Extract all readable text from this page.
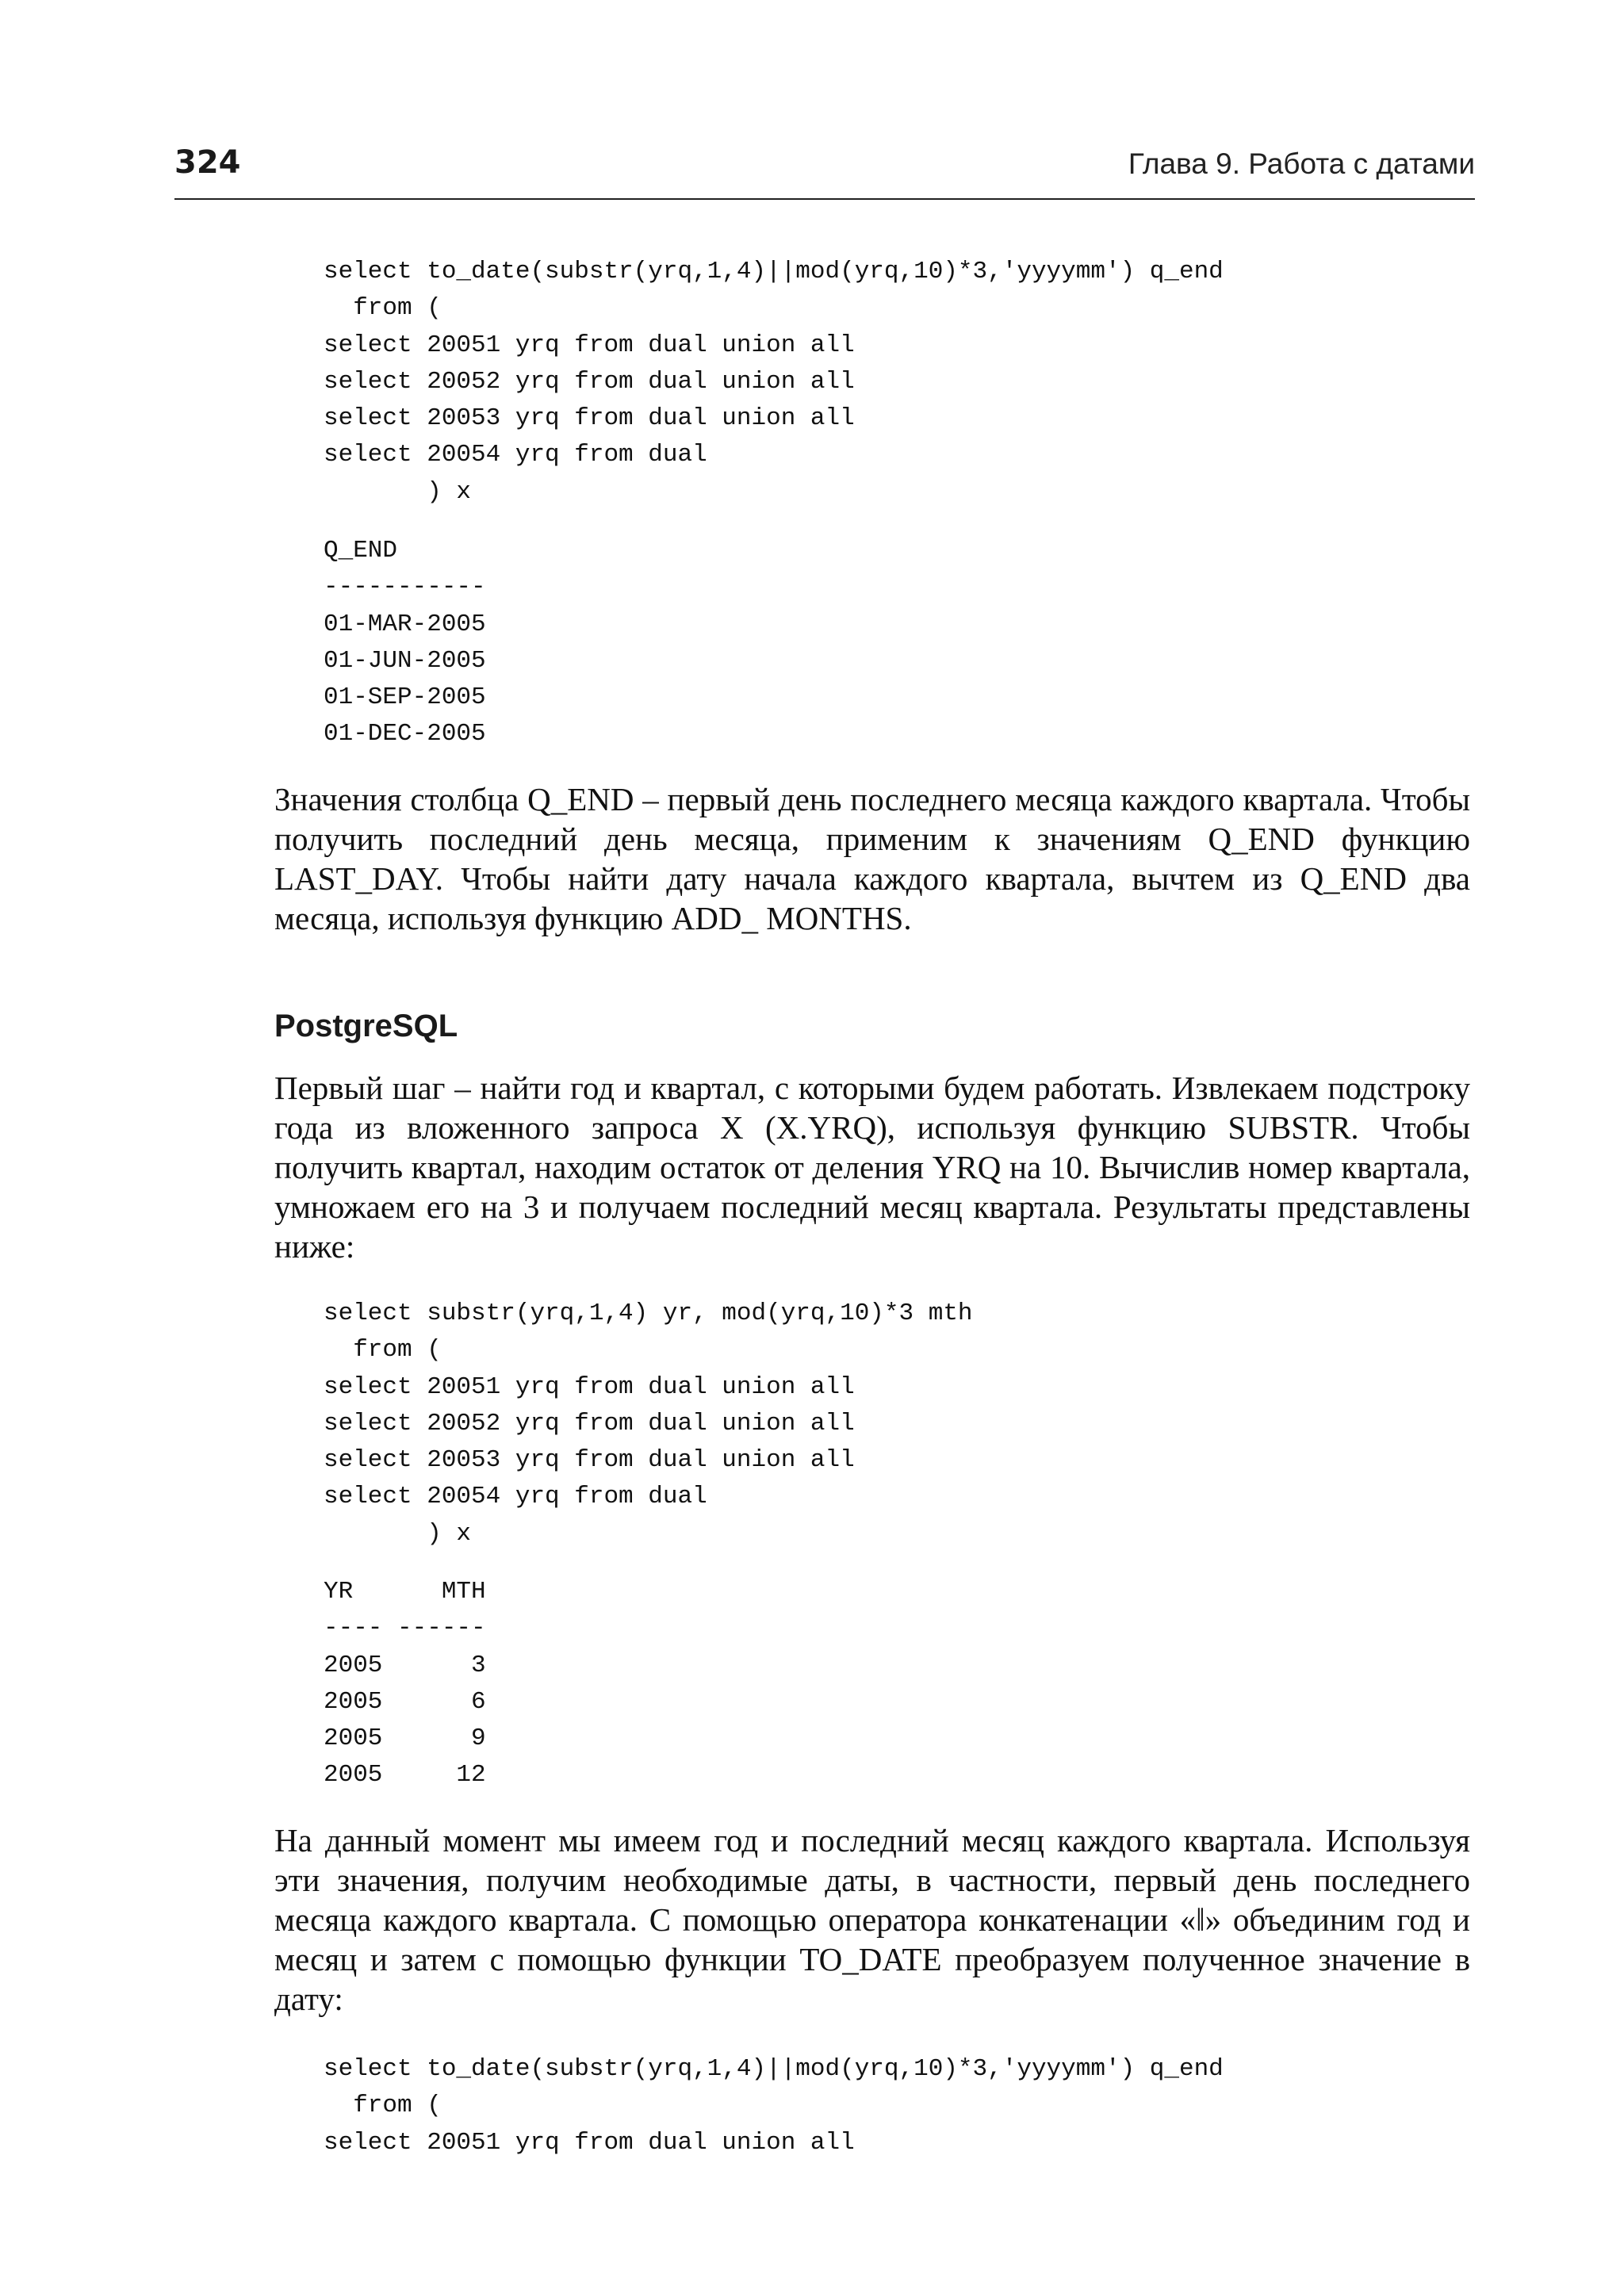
324	Глава 9. Работа с датами
select to_date(substr(yrq,1,4)||mod(yrq,10)*3,'yyyymm') q_end
from (
select 20051 yrq from dual union all
select 20052 yrq from dual union all
select 20053 yrq from dual union all
select 20054 yrq from dual
) x
Q_END
-----------
01-MAR-2005
01-JUN-2005
01-SEP-2005
01-DEC-2005

Значения столбца Q_END – первый день последнего месяца каждого квартала. Чтобы получить последний день месяца, применим к значениям Q_END функцию LAST_DAY. Чтобы найти дату начала каждого квартала, вычтем из Q_END два месяца, используя функцию ADD_ MONTHS.

PostgreSQL

Первый шаг – найти год и квартал, с которыми будем работать. Извлекаем подстроку года из вложенного запроса X (X.YRQ), используя функцию SUBSTR. Чтобы получить квартал, находим остаток от деления YRQ на 10. Вычислив номер квартала, умножаем его на 3 и получаем последний месяц квартала. Результаты представлены ниже:

select substr(yrq,1,4) yr, mod(yrq,10)*3 mth
from (
select 20051 yrq from dual union all
select 20052 yrq from dual union all
select 20053 yrq from dual union all
select 20054 yrq from dual
) x
YR      MTH
---- ------
2005      3
2005      6
2005      9
2005     12

На данный момент мы имеем год и последний месяц каждого квартала. Используя эти значения, получим необходимые даты, в частности, первый день последнего месяца каждого квартала. С помощью оператора конкатенации «‖» объединим год и месяц и затем с помощью функции TO_DATE преобразуем полученное значение в дату:

select to_date(substr(yrq,1,4)||mod(yrq,10)*3,'yyyymm') q_end
from (
select 20051 yrq from dual union all
